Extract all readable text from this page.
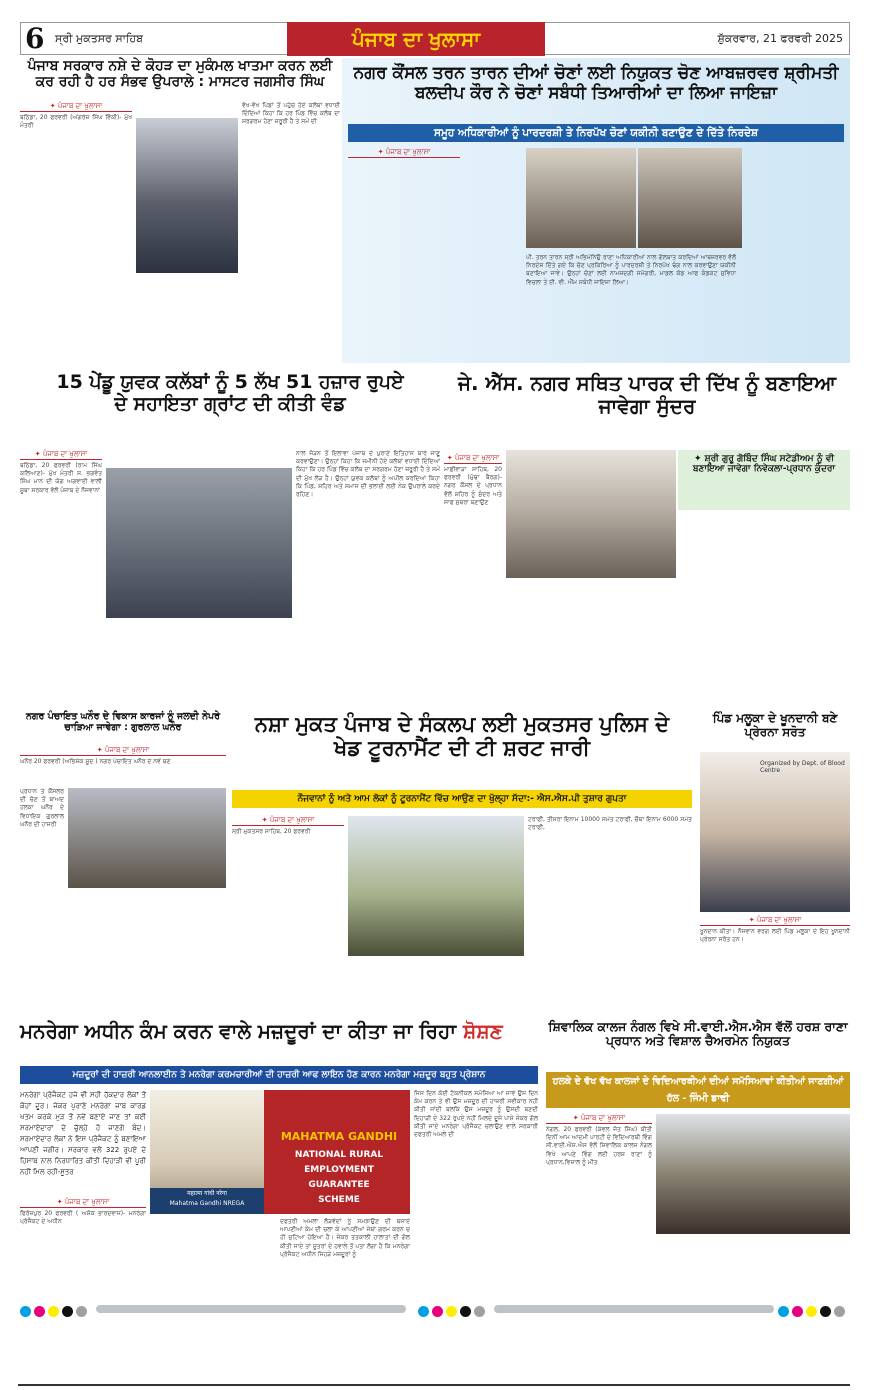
6 ਸ੍ਰੀ ਮੁਕਤਸਰ ਸਾਹਿਬ	ਪੰਜਾਬ ਦਾ ਖੁਲਾਸਾ	ਸ਼ੁੱਕਰਵਾਰ, 21 ਫਰਵਰੀ 2025
ਪੰਜਾਬ ਸਰਕਾਰ ਨਸ਼ੇ ਦੇ ਕੋਹੜ ਦਾ ਮੁਕੰਮਲ ਖਾਤਮਾ ਕਰਨ ਲਈ ਕਰ ਰਹੀ ਹੈ ਹਰ ਸੰਭਵ ਉਪਰਾਲੇ : ਮਾਸਟਰ ਜਗਸੀਰ ਸਿੰਘ
✦ ਪੰਜਾਬ ਦਾ ਖੁਲਾਸਾ
ਬਠਿੰਡਾ, 20 ਫਰਵਰੀ (ਅੰਗਰੇਜ਼ ਸਿੰਘ ਵਿੱਕੀ)- ਮੁੱਖ ਮੰਤਰੀ
ਵੱਖ-ਵੱਖ ਪਿੰਡਾਂ ਤੋਂ ਪਹੁੰਚੇ ਹੋਏ ਕਲੱਬਾਂ ਵਧਾਈ ਦਿੰਦਿਆਂ ਕਿਹਾ ਕਿ ਹਰ ਪਿੰਡ ਵਿੱਚ ਕਲੱਬ ਦਾ ਸਰਗਰਮ ਹੋਣਾ ਜ਼ਰੂਰੀ ਹੈ ਤੇ ਸਮੇਂ ਦੀ
ਨਗਰ ਕੌਂਸਲ ਤਰਨ ਤਾਰਨ ਦੀਆਂ ਚੋਣਾਂ ਲਈ ਨਿਯੁਕਤ ਚੋਣ ਆਬਜ਼ਰਵਰ ਸ਼੍ਰੀਮਤੀ ਬਲਦੀਪ ਕੌਰ ਨੇ ਚੋਣਾਂ ਸਬੰਧੀ ਤਿਆਰੀਆਂ ਦਾ ਲਿਆ ਜਾਇਜ਼ਾ
ਸਮੂਹ ਅਧਿਕਾਰੀਆਂ ਨੂੰ ਪਾਰਦਰਸ਼ੀ ਤੇ ਨਿਰਪੱਖ ਚੋਣਾਂ ਯਕੀਨੀ ਬਣਾਉਣ ਦੇ ਦਿੱਤੇ ਨਿਰਦੇਸ਼
✦ ਪੰਜਾਬ ਦਾ ਖੁਲਾਸਾ
ਪੀ. ਤਰਨ ਤਾਰਨ ਸ੍ਰੀ ਅਭਿਮੰਨਿਉ ਰਾਣਾ ਅਧਿਕਾਰੀਆਂ ਨਾਲ ਗੱਲਬਾਤ ਕਰਦਿਆਂ ਆਬਜ਼ਰਵਰ ਵੱਲੋਂ ਨਿਰਦੇਸ਼ ਦਿੱਤੇ ਗਏ ਕਿ ਚੋਣ ਪ੍ਰਕਿਰਿਆ ਨੂੰ ਪਾਰਦਰਸ਼ੀ ਤੇ ਨਿਰਪੱਖ ਢੰਗ ਨਾਲ ਕਰਵਾਉਣਾ ਯਕੀਨੀ ਬਣਾਇਆ ਜਾਵੇ। ਉਨ੍ਹਾਂ ਚੋਣਾਂ ਲਈ ਨਾਮਜ਼ਦਗੀ ਸਮੱਗਰੀ, ਮਾਡਲ ਕੋਡ ਆਫ ਕੰਡਕਟ ਸੁਵਿਧਾ ਵਿਚਲਾ ਤੇ ਈ. ਵੀ. ਐੱਮ ਸਬੰਧੀ ਜਾਇਜ਼ਾ ਲਿਆ।
15 ਪੇਂਡੂ ਯੁਵਕ ਕਲੱਬਾਂ ਨੂੰ 5 ਲੱਖ 51 ਹਜ਼ਾਰ ਰੁਪਏ ਦੇ ਸਹਾਇਤਾ ਗ੍ਰਾਂਟ ਦੀ ਕੀਤੀ ਵੰਡ
✦ ਪੰਜਾਬ ਦਾ ਖੁਲਾਸਾ
ਬਠਿੰਡਾ, 20 ਫਰਵਰੀ (ਰਾਮ ਸਿੰਘ ਕਲਿਆਣ)- ਮੁੱਖ ਮੰਤਰੀ ਸ. ਭਗਵੰਤ ਸਿੰਘ ਮਾਨ ਦੀ ਯੋਗ ਅਗਵਾਈ ਵਾਲੀ ਸੂਬਾ ਸਰਕਾਰ ਵੱਲੋਂ ਪੰਜਾਬ ਦੇ ਨੌਜਵਾਨਾਂ
ਨਾਲ ਜੋੜਨ ਤੋਂ ਇਲਾਵਾ ਪੰਜਾਬ ਦੇ ਪੁਰਾਣੇ ਇਤਿਹਾਸ ਬਾਰੇ ਜਾਣੂ ਕਰਵਾਉਣਾ। ਉਨ੍ਹਾਂ ਕਿਹਾ ਕਿ ਜ਼ਮੀਨੀ ਹੋਏ ਕਲੱਬਾਂ ਵਧਾਈ ਦਿੰਦਿਆਂ ਕਿਹਾ ਕਿ ਹਰ ਪਿੰਡ ਵਿੱਚ ਕਲੱਬ ਦਾ ਸਰਗਰਮ ਹੋਣਾ ਜ਼ਰੂਰੀ ਹੈ ਤੇ ਸਮੇਂ ਦੀ ਮੁੱਖ ਲੋੜ ਹੈ। ਉਨ੍ਹਾਂ ਯੁਵਕ ਕਲੱਬਾਂ ਨੂੰ ਅਪੀਲ ਕਰਦਿਆਂ ਕਿਹਾ ਕਿ ਪਿੰਡ, ਸ਼ਹਿਰ ਅਤੇ ਸਮਾਜ ਦੀ ਭਲਾਈ ਲਈ ਨੇਕ ਉਪਰਾਲੇ ਕਰਦੇ ਰਹਿਣ।
ਜੇ. ਐੱਸ. ਨਗਰ ਸਥਿਤ ਪਾਰਕ ਦੀ ਦਿੱਖ ਨੂੰ ਬਣਾਇਆ ਜਾਵੇਗਾ ਸੁੰਦਰ
✦ ਪੰਜਾਬ ਦਾ ਖੁਲਾਸਾ
ਮਾਛੀਵਾੜਾ ਸਾਹਿਬ, 20 ਫਰਵਰੀ (ਮੁੱਢਾ ਬੈਰਗ)- ਨਗਰ ਕੌਂਸਲ ਦੇ ਪ੍ਰਧਾਨ ਵੱਲੋਂ ਸ਼ਹਿਰ ਨੂੰ ਸੁੰਦਰ ਅਤੇ ਸਾਫ ਸੁਥਰਾ ਬਣਾਉਣ
✦ ਸ਼੍ਰੀ ਗੁਰੂ ਗੋਬਿੰਦ ਸਿੰਘ ਸਟੇਡੀਅਮ ਨੂੰ ਵੀ ਬਣਾਇਆ ਜਾਵੇਗਾ ਨਿਵੇਕਲਾ-ਪ੍ਰਧਾਨ ਕੁੰਦਰਾ
ਨਗਰ ਪੰਚਾਇਤ ਘਨੌਰ ਦੇ ਵਿਕਾਸ ਕਾਰਜਾਂ ਨੂੰ ਜਲਦੀ ਨੇਪਰੇ ਚਾੜਿਆ ਜਾਵੇਗਾ : ਗੁਰਲਾਲ ਘਨੌਰ
✦ ਪੰਜਾਬ ਦਾ ਖੁਲਾਸਾ
ਘਨੌਰ 20 ਫਰਵਰੀ (ਅਭਿਸ਼ੇਕ ਸੂਦ ) ਨਗਰ ਪੰਚਾਇਤ ਘਨੌਰ ਦੇ ਨਵੇਂ ਬਣੇ
ਪ੍ਰਧਾਨ ਤੇ ਕੌਂਸਲਰ ਦੀ ਚੋਣ ਤੋਂ ਬਾਅਦ ਹਲਕਾ ਘਨੌਰ ਦੇ ਵਿਧਾਇਕ ਗੁਰਲਾਲ ਘਨੌਰ ਦੀ ਹਾਜ਼ਰੀ
ਨਸ਼ਾ ਮੁਕਤ ਪੰਜਾਬ ਦੇ ਸੰਕਲਪ ਲਈ ਮੁਕਤਸਰ ਪੁਲਿਸ ਦੇ ਖੇਡ ਟੂਰਨਾਮੈਂਟ ਦੀ ਟੀ ਸ਼ਰਟ ਜਾਰੀ
ਨੌਜਵਾਨਾਂ ਨੂੰ ਅਤੇ ਆਮ ਲੋਕਾਂ ਨੂੰ ਟੂਰਨਾਮੈਂਟ ਵਿੱਚ ਆਉਣ ਦਾ ਖੁੱਲ੍ਹਾ ਸੱਦਾ:- ਐਸ.ਐਸ.ਪੀ ਤੁਸ਼ਾਰ ਗੁਪਤਾ
✦ ਪੰਜਾਬ ਦਾ ਖੁਲਾਸਾ
ਸ੍ਰੀ ਮੁਕਤਸਰ ਸਾਹਿਬ, 20 ਫਰਵਰੀ
ਟਰਾਫੀ, ਤੀਸਰਾ ਇਨਾਮ 10000 ਸਮੇਤ ਟਰਾਫੀ, ਚੌਥਾ ਇਨਾਮ 6000 ਸਮੇਤ ਟਰਾਫੀ,
ਪਿੰਡ ਮਲੂਕਾ ਦੇ ਖੂਨਦਾਨੀ ਬਣੇ ਪ੍ਰੇਰਨਾ ਸਰੋਤ
Organized by Dept. of Blood Centre
✦ ਪੰਜਾਬ ਦਾ ਖੁਲਾਸਾ
ਖੂਨਦਾਨ ਕੀਤਾ। ਨੌਜਵਾਨ ਵਰਗ ਲਈ ਪਿੰਡ ਮਲੂਕਾ ਦੇ ਇਹ ਖੂਨਦਾਨੀ ਪ੍ਰੇਰਨਾ ਸਰੋਤ ਹਨ।
ਮਨਰੇਗਾ ਅਧੀਨ ਕੰਮ ਕਰਨ ਵਾਲੇ ਮਜ਼ਦੂਰਾਂ ਦਾ ਕੀਤਾ ਜਾ ਰਿਹਾ ਸ਼ੋਸ਼ਣ
ਮਜ਼ਦੂਰਾਂ ਦੀ ਹਾਜ਼ਰੀ ਆਨਲਾਈਨ ਤੇ ਮਨਰੇਗਾ ਕਰਮਚਾਰੀਆਂ ਦੀ ਹਾਜ਼ਰੀ ਆਫ ਲਾਇਨ ਹੋਣ ਕਾਰਨ ਮਨਰੇਗਾ ਮਜ਼ਦੂਰ ਬਹੁਤ ਪ੍ਰੇਸ਼ਾਨ
ਮਨਰੇਗਾ ਪ੍ਰੋਜੈਕਟ ਹਜੇ ਵੀ ਸਹੀ ਹੱਕਦਾਰ ਲੋਕਾਂ ਤੋਂ ਕੋਹਾਂ ਦੂਰ। ਜੇਕਰ ਪੁਰਾਣੇ ਮਨਰੇਗਾ ਜਾਬ ਕਾਰਡ ਖਤਮ ਕਰਕੇ ਮੁੜ ਤੋਂ ਨਵੇਂ ਬਣਾਏ ਜਾਣ ਤਾਂ ਕਈ ਸਰਮਾਏਦਾਰਾਂ ਦੇ ਚੁੱਲ੍ਹੇ ਹੋ ਜਾਣਗੇ ਬੰਦ। ਸਰਮਾਏਦਾਰ ਲੋਕਾਂ ਨੇ ਇਸ ਪ੍ਰੋਜੈਕਟ ਨੂੰ ਬਣਾਇਆ ਆਪਣੀ ਜਗੀਰ। ਸਰਕਾਰ ਵਲੋਂ 322 ਰੁਪਏ ਦੇ ਹਿਸਾਬ ਨਾਲ ਨਿਰਧਾਰਿਤ ਕੀਤੀ ਦਿਹਾੜੀ ਵੀ ਪੂਰੀ ਨਹੀਂ ਮਿਲ ਰਹੀ-ਸੂਤਰ
✦ ਪੰਜਾਬ ਦਾ ਖੁਲਾਸਾ
ਫਿਰੋਜ਼ਪੁਰ 20 ਫਰਵਰੀ ( ਅਸ਼ੋਕ ਭਾਰਦਵਾਜ)- ਮਨਰੇਗਾ ਪ੍ਰੋਜੈਕਟ ਦੇ ਅਧੀਨ
महात्मा गांधी नरेगा
Mahatma Gandhi NREGA
MAHATMA GANDHI
NATIONAL RURAL
EMPLOYMENT
GUARANTEE
SCHEME
ਦਫਤਰੀ ਅਮਲਾ ਲੋੜਵੰਦਾਂ ਨੂੰ ਸਮਝਾਉਣ ਦੀ ਬਜਾਏ ਆਪਣੀਆਂ ਕੰਮ ਦੀ ਚਲਾ ਕੇ ਆਪਣੀਆਂ ਜੇਬਾਂ ਗਰਮ ਕਰਨ ਚ ਹੀ ਜੁਟਿਆ ਹੋਇਆ ਹੈ। ਜੇਕਰ ਤਤਕਾਲੀ ਹਾਲਾਤਾਂ ਦੀ ਗੱਲ ਕੀਤੀ ਜਾਏ ਤਾਂ ਸੂਤਰਾਂ ਦੇ ਹਵਾਲੇ ਤੋਂ ਪਤਾ ਲੱਗਾ ਹੈ ਕਿ ਮਨਰੇਗਾ ਪ੍ਰੋਜੈਕਟ ਅਧੀਨ ਜਿਹੜੇ ਮਜ਼ਦੂਰਾਂ ਨੂੰ
ਜਿਸ ਦਿਨ ਕੋਈ ਟੈਕਨੀਕਲ ਸਮੱਸਿਆ ਆ ਜਾਵੇ ਉਸ ਦਿਨ ਕੰਮ ਕਰਨ ਤੇ ਵੀ ਉਸ ਮਜ਼ਦੂਰ ਦੀ ਹਾਜ਼ਰੀ ਸਵੀਕਾਰ ਨਹੀਂ ਕੀਤੀ ਜਾਂਦੀ ਬਲਕਿ ਉਸ ਮਜ਼ਦੂਰ ਨੂੰ ਉਸਦੀ ਬਣਦੀ ਦਿਹਾੜੀ ਦੇ 322 ਰੁਪਏ ਨਹੀਂ ਮਿਲਦੇ ਦੂਜੇ ਪਾਸੇ ਜੇਕਰ ਗੱਲ ਕੀਤੀ ਜਾਏ ਮਨਰੇਗਾ ਪ੍ਰੋਜੈਕਟ ਚਲਾਉਣ ਵਾਲੇ ਸਰਕਾਰੀ ਦਫਤਰੀ ਅਮਲੇ ਦੀ
ਸ਼ਿਵਾਲਿਕ ਕਾਲਜ ਨੰਗਲ ਵਿਖੇ ਸੀ.ਵਾਈ.ਐਸ.ਐਸ ਵੱਲੋਂ ਹਰਸ਼ ਰਾਣਾ ਪ੍ਰਧਾਨ ਅਤੇ ਵਿਸ਼ਾਲ ਚੈਅਰਮੇਨ ਨਿਯੁਕਤ
ਹਲਕੇ ਦੇ ਵੱਖ ਵੱਖ ਕਾਲਜਾਂ ਦੇ ਵਿਦਿਆਰਥੀਆਂ ਦੀਆਂ ਸਮੱਸਿਆਵਾਂ ਕੀਤੀਆਂ ਜਾਣਗੀਆਂ ਹੱਲ - ਜਿੰਮੀ ਡਾਢੀ
✦ ਪੰਜਾਬ ਦਾ ਖੁਲਾਸਾ
ਨੰਗਲ, 20 ਫਰਵਰੀ (ਕੰਵਲ ਜੋਤ ਸਿੰਘ) ਬੀਤੀ ਦਿਨੀਂ ਆਮ ਆਦਮੀ ਪਾਰਟੀ ਦੇ ਵਿਦਿਆਰਥੀ ਵਿੰਗ ਸੀ.ਵਾਈ.ਐਸ.ਐਸ ਵੱਲੋਂ ਸ਼ਿਵਾਲਿਕ ਕਾਲਜ ਨੰਗਲ ਵਿਖੇ ਆਪਣੇ ਵਿੰਗ ਲਈ ਹਰਸ਼ ਰਾਣਾ ਨੂੰ ਪ੍ਰਧਾਨ,ਵਿਸ਼ਾਲ ਨੂੰ ਮੀਤ
